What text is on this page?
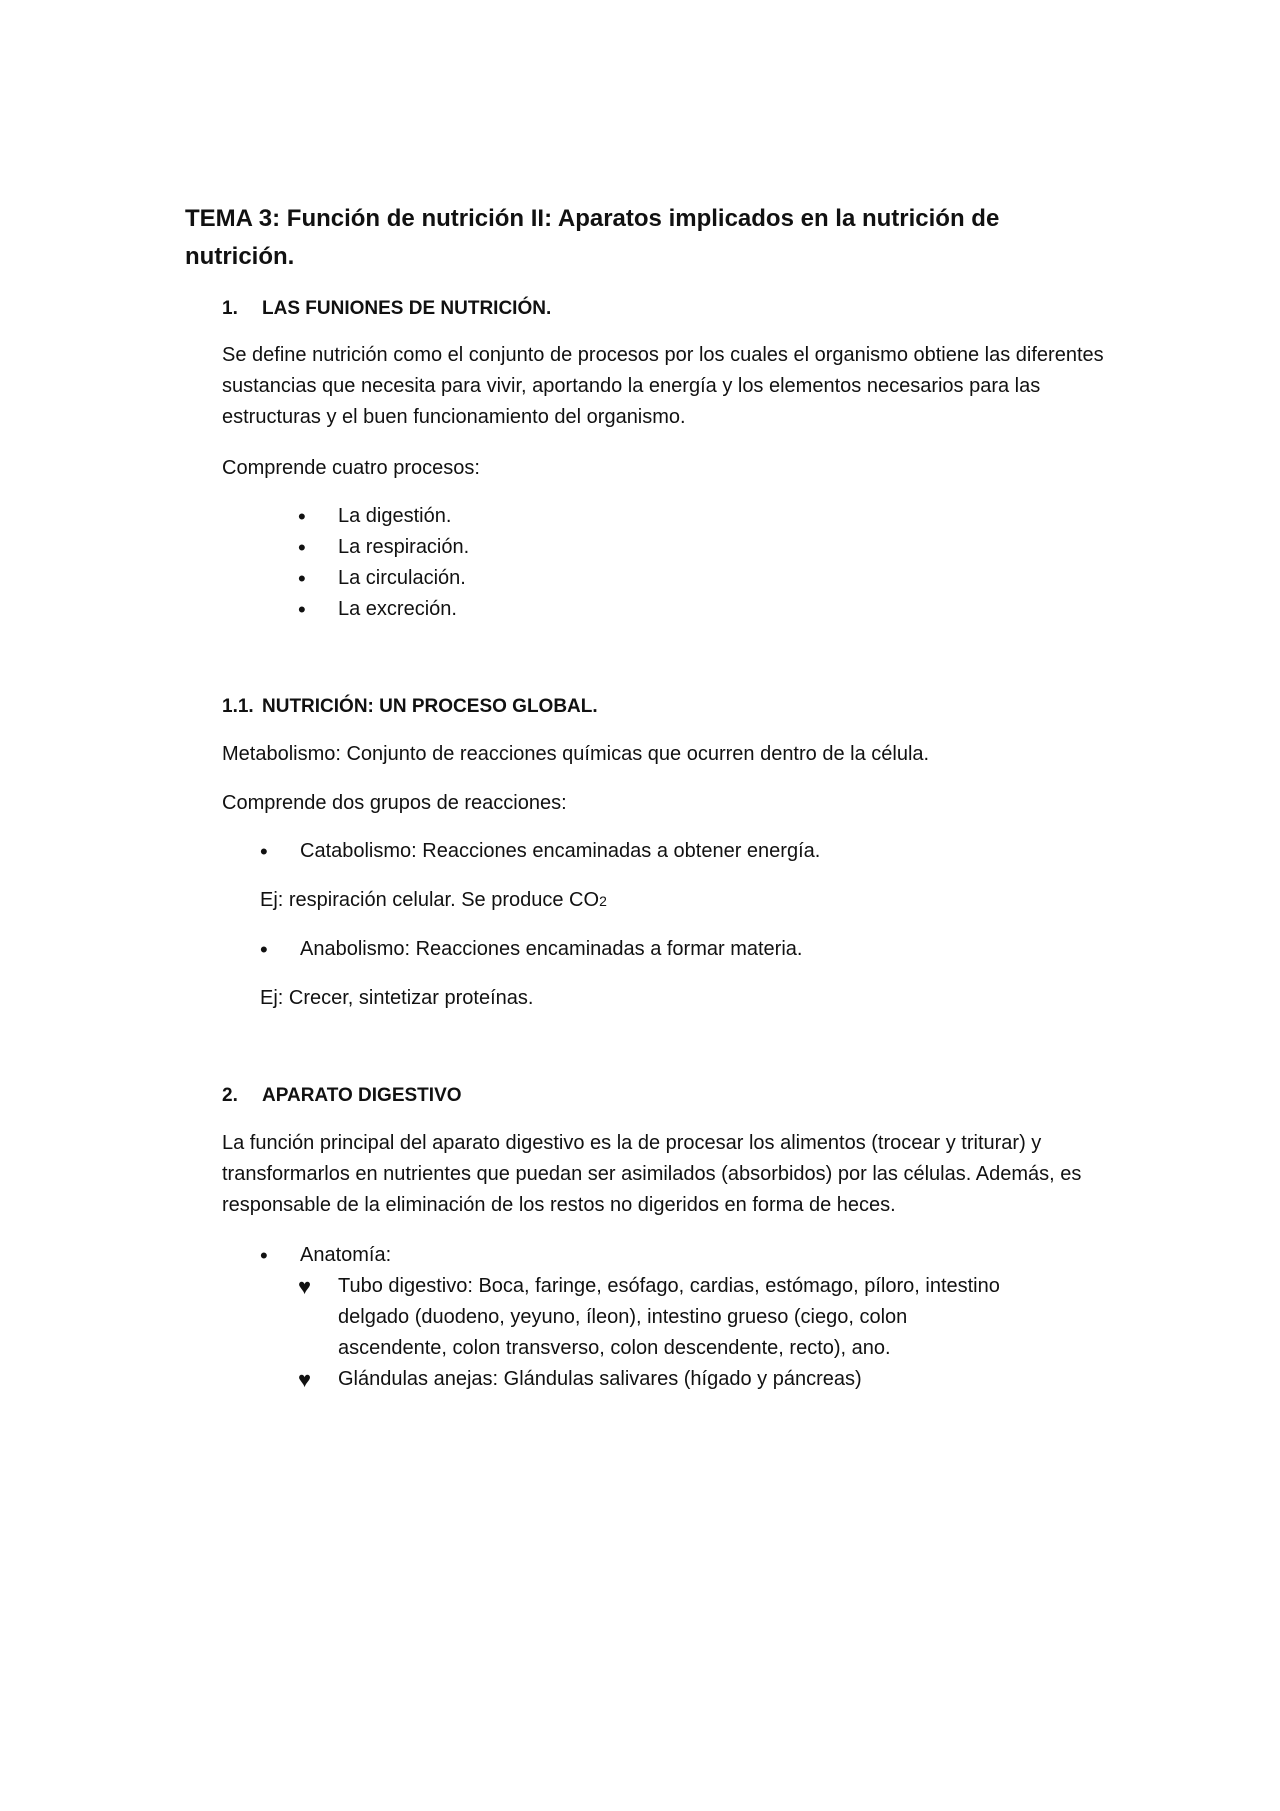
TEMA 3: Función de nutrición II: Aparatos implicados en la nutrición de nutrición.
1. LAS FUNIONES DE NUTRICIÓN.
Se define nutrición como el conjunto de procesos por los cuales el organismo obtiene las diferentes sustancias que necesita para vivir, aportando la energía y los elementos necesarios para las estructuras y el buen funcionamiento del organismo.
Comprende cuatro procesos:
• La digestión.
• La respiración.
• La circulación.
• La excreción.
1.1. NUTRICIÓN: UN PROCESO GLOBAL.
Metabolismo: Conjunto de reacciones químicas que ocurren dentro de la célula.
Comprende dos grupos de reacciones:
• Catabolismo: Reacciones encaminadas a obtener energía.
Ej: respiración celular. Se produce CO2
• Anabolismo: Reacciones encaminadas a formar materia.
Ej: Crecer, sintetizar proteínas.
2. APARATO DIGESTIVO
La función principal del aparato digestivo es la de procesar los alimentos (trocear y triturar) y transformarlos en nutrientes que puedan ser asimilados (absorbidos) por las células. Además, es responsable de la eliminación de los restos no digeridos en forma de heces.
• Anatomía:
♥ Tubo digestivo: Boca, faringe, esófago, cardias, estómago, píloro, intestino
delgado (duodeno, yeyuno, íleon), intestino grueso (ciego, colon
ascendente, colon transverso, colon descendente, recto), ano.
♥ Glándulas anejas: Glándulas salivares (hígado y páncreas)
